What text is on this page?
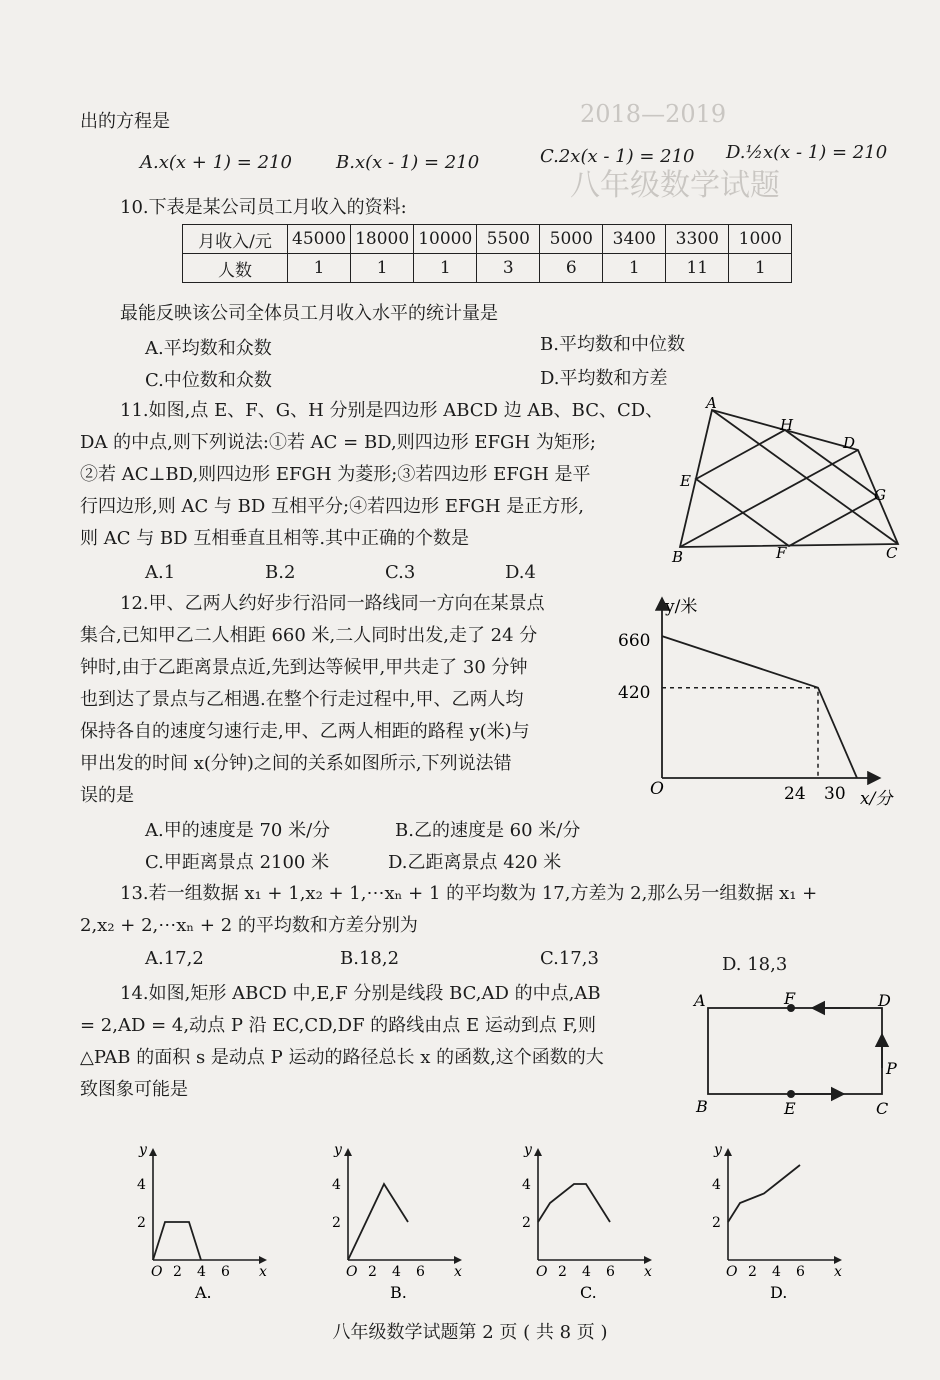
2018—2019
八年级数学试题
出的方程是
A.x(x + 1) = 210 B.x(x - 1) = 210	C.2x(x - 1) = 210 D.½x(x - 1) = 210
10.下表是某公司员工月收入的资料:
月收入/元	45000	18000	10000	5500	5000	3400	3300	1000
人数	1	1	1	3	6	1	11	1
最能反映该公司全体员工月收入水平的统计量是
A.平均数和众数	B.平均数和中位数
C.中位数和众数	D.平均数和方差
11.如图,点 E、F、G、H 分别是四边形 ABCD 边 AB、BC、CD、
DA 的中点,则下列说法:①若 AC = BD,则四边形 EFGH 为矩形;
②若 AC⊥BD,则四边形 EFGH 为菱形;③若四边形 EFGH 是平
行四边形,则 AC 与 BD 互相平分;④若四边形 EFGH 是正方形,
则 AC 与 BD 互相垂直且相等.其中正确的个数是
A.1	B.2	C.3	D.4
A
H
D
E
G
B	F	C
12.甲、乙两人约好步行沿同一路线同一方向在某景点
集合,已知甲乙二人相距 660 米,二人同时出发,走了 24 分
钟时,由于乙距离景点近,先到达等候甲,甲共走了 30 分钟
也到达了景点与乙相遇.在整个行走过程中,甲、乙两人均
保持各自的速度匀速行走,甲、乙两人相距的路程 y(米)与
甲出发的时间 x(分钟)之间的关系如图所示,下列说法错
误的是
A.甲的速度是 70 米/分	B.乙的速度是 60 米/分
C.甲距离景点 2100 米	D.乙距离景点 420 米
y/米
x/分
O
660
420
24 30
13.若一组数据 x₁ + 1,x₂ + 1,⋯xₙ + 1 的平均数为 17,方差为 2,那么另一组数据 x₁ +
2,x₂ + 2,⋯xₙ + 2 的平均数和方差分别为
A.17,2	B.18,2	C.17,3	D. 18,3
14.如图,矩形 ABCD 中,E,F 分别是线段 BC,AD 的中点,AB
= 2,AD = 4,动点 P 沿 EC,CD,DF 的路线由点 E 运动到点 F,则
△PAB 的面积 s 是动点 P 运动的路径总长 x 的函数,这个函数的大
致图象可能是
A	F	D
P
B	E	C
y
x
4
2
O 2 4 6
A.
y
x
4
2
O 2 4 6
B.
y
x
4
2
O 2 4 6
C.
y
x
4
2
O 2 4 6
D.
八年级数学试题第 2 页 ( 共 8 页 )
